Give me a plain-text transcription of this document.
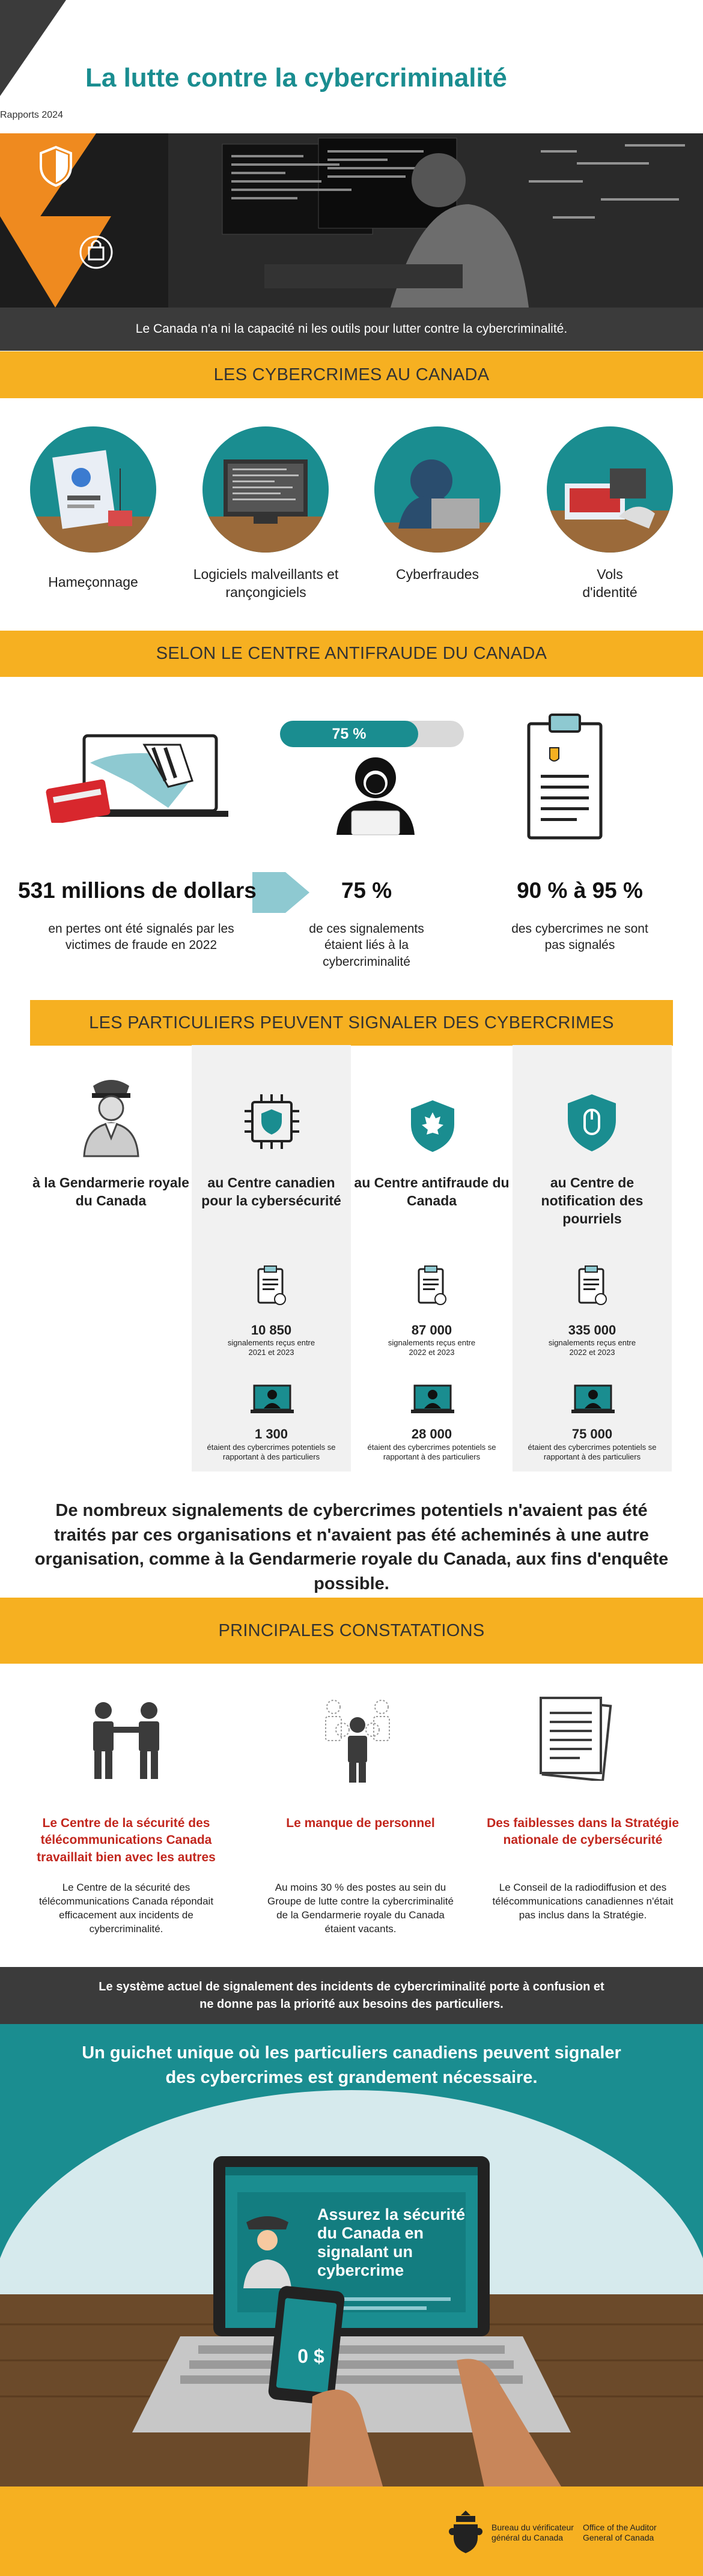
Rapports 2024
La lutte contre la cybercriminalité
Le Canada n'a ni la capacité ni les outils pour lutter contre la cybercriminalité.
LES CYBERCRIMES AU CANADA
Hameçonnage	Logiciels malveillants et rançongiciels
Cyberfraudes	Vols d'identité
SELON LE CENTRE ANTIFRAUDE DU CANADA
75 %
531 millions de dollars	75 %	90 % à 95 %
en pertes ont été signalés par les victimes de fraude en 2022
de ces signalements étaient liés à la cybercriminalité
des cybercrimes ne sont pas signalés
LES PARTICULIERS PEUVENT SIGNALER DES CYBERCRIMES
à la Gendarmerie royale du Canada
au Centre canadien pour la cybersécurité
au Centre antifraude du Canada
au Centre de notification des pourriels
10 850	87 000	335 000
signalements reçus entre 2021 et 2023
signalements reçus entre 2022 et 2023
signalements reçus entre 2022 et 2023
1 300	28 000	75 000
étaient des cybercrimes potentiels se rapportant à des particuliers
étaient des cybercrimes potentiels se rapportant à des particuliers
étaient des cybercrimes potentiels se rapportant à des particuliers
De nombreux signalements de cybercrimes potentiels n'avaient pas été traités par ces organisations et n'avaient pas été acheminés à une autre organisation, comme à la Gendarmerie royale du Canada, aux fins d'enquête possible.
PRINCIPALES CONSTATATIONS
Le Centre de la sécurité des télécommunications Canada travaillait bien avec les autres
Le manque de personnel	Des faiblesses dans la Stratégie nationale de cybersécurité
Le Centre de la sécurité des télécommunications Canada répondait efficacement aux incidents de cybercriminalité.
Au moins 30 % des postes au sein du Groupe de lutte contre la cybercriminalité de la Gendarmerie royale du Canada étaient vacants.
Le Conseil de la radiodiffusion et des télécommunications canadiennes n'était pas inclus dans la Stratégie.
Le système actuel de signalement des incidents de cybercriminalité porte à confusion et ne donne pas la priorité aux besoins des particuliers.
Un guichet unique où les particuliers canadiens peuvent signaler des cybercrimes est grandement nécessaire.
Assurez la sécurité du Canada en signalant un cybercrime
0 $
Bureau du vérificateur général du Canada
Office of the Auditor General of Canada
